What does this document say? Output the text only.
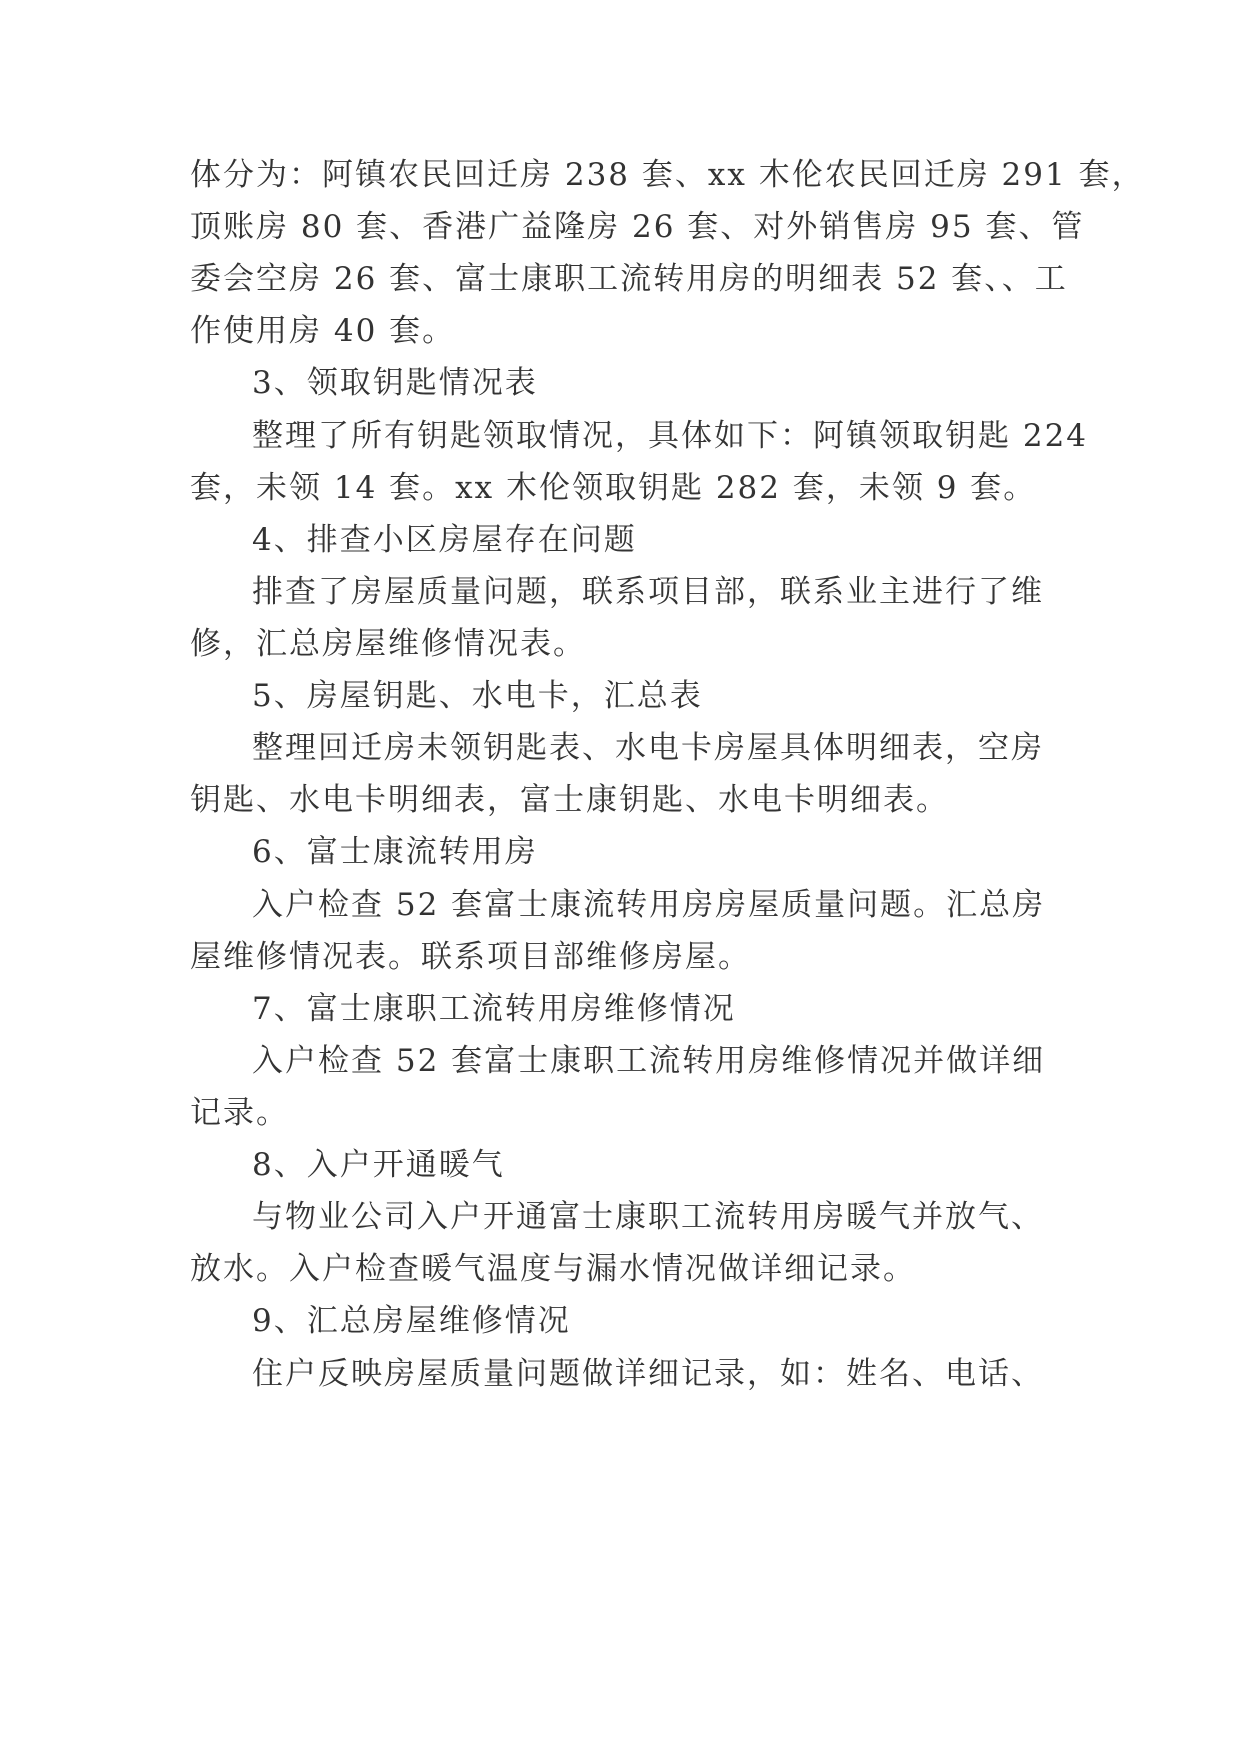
体分为：阿镇农民回迁房 238 套、xx 木伦农民回迁房 291 套，
顶账房 80 套、香港广益隆房 26 套、对外销售房 95 套、管
委会空房 26 套、富士康职工流转用房的明细表 52 套、、工
作使用房 40 套。
3、领取钥匙情况表
整理了所有钥匙领取情况，具体如下：阿镇领取钥匙 224
套，未领 14 套。xx 木伦领取钥匙 282 套，未领 9 套。
4、排查小区房屋存在问题
排查了房屋质量问题，联系项目部，联系业主进行了维
修，汇总房屋维修情况表。
5、房屋钥匙、水电卡，汇总表
整理回迁房未领钥匙表、水电卡房屋具体明细表，空房
钥匙、水电卡明细表，富士康钥匙、水电卡明细表。
6、富士康流转用房
入户检查 52 套富士康流转用房房屋质量问题。汇总房
屋维修情况表。联系项目部维修房屋。
7、富士康职工流转用房维修情况
入户检查 52 套富士康职工流转用房维修情况并做详细
记录。
8、入户开通暖气
与物业公司入户开通富士康职工流转用房暖气并放气、
放水。入户检查暖气温度与漏水情况做详细记录。
9、汇总房屋维修情况
住户反映房屋质量问题做详细记录，如：姓名、电话、
